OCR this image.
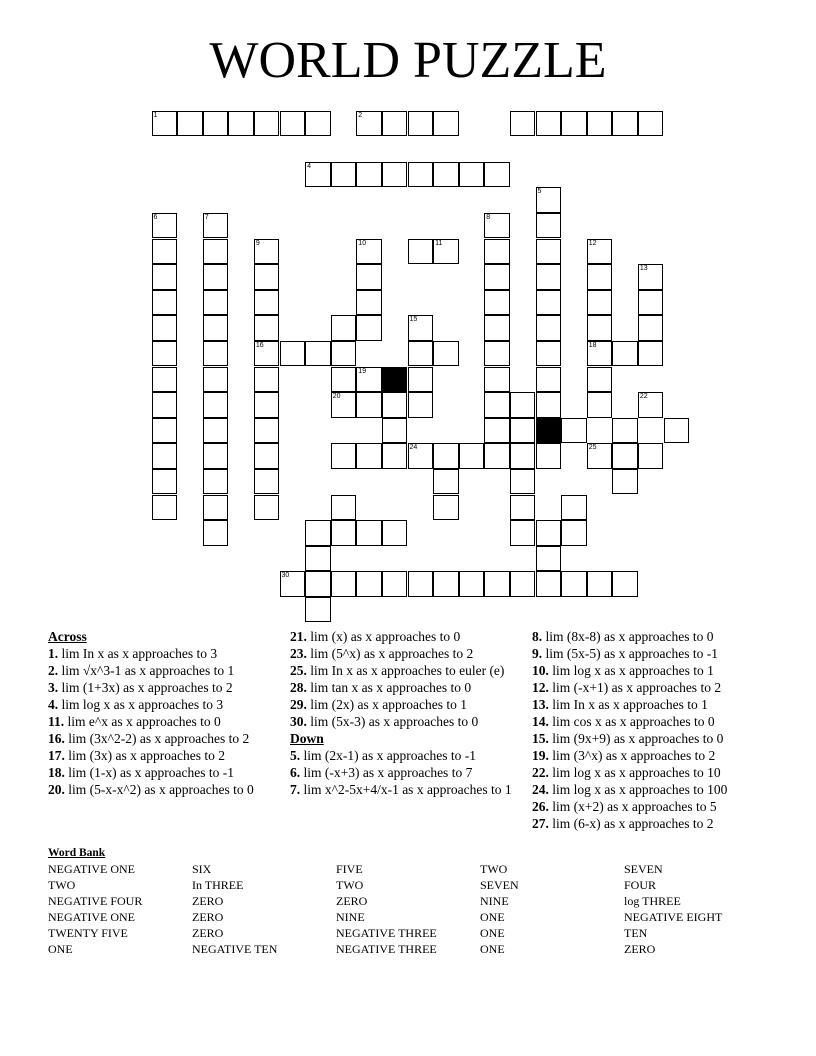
WORLD PUZZLE
1	2
4
5
6	7	8
9	10	11	12
13
15
16	18
19
20	22
24	25
30
Across
1. lim In x as x approaches to 3
2. lim √x^3-1 as x approaches to 1
3. lim (1+3x) as x approaches to 2
4. lim log x as x approaches to 3
11. lim e^x as x approaches to 0
16. lim (3x^2-2) as x approaches to 2
17. lim (3x) as x approaches to 2
18. lim (1-x) as x approaches to -1
20. lim (5-x-x^2) as x approaches to 0
21. lim (x) as x approaches to 0
23. lim (5^x) as x approaches to 2
25. lim In x as x approaches to euler (e)
28. lim tan x as x approaches to 0
29. lim (2x) as x approaches to 1
30. lim (5x-3) as x approaches to 0
Down
5. lim (2x-1) as x approaches to -1
6. lim (-x+3) as x approaches to 7
7. lim x^2-5x+4/x-1 as x approaches to 1
8. lim (8x-8) as x approaches to 0
9. lim (5x-5) as x approaches to -1
10. lim log x as x approaches to 1
12. lim (-x+1) as x approaches to 2
13. lim In x as x approaches to 1
14. lim cos x as x approaches to 0
15. lim (9x+9) as x approaches to 0
19. lim (3^x) as x approaches to 2
22. lim log x as x approaches to 10
24. lim log x as x approaches to 100
26. lim (x+2) as x approaches to 5
27. lim (6-x) as x approaches to 2
Word Bank
NEGATIVE ONE	SIX	FIVE	TWO	SEVEN
TWO	In THREE	TWO	SEVEN	FOUR
NEGATIVE FOUR	ZERO	ZERO	NINE	log THREE
NEGATIVE ONE	ZERO	NINE	ONE	NEGATIVE EIGHT
TWENTY FIVE	ZERO	NEGATIVE THREE	ONE	TEN
ONE	NEGATIVE TEN	NEGATIVE THREE	ONE	ZERO
